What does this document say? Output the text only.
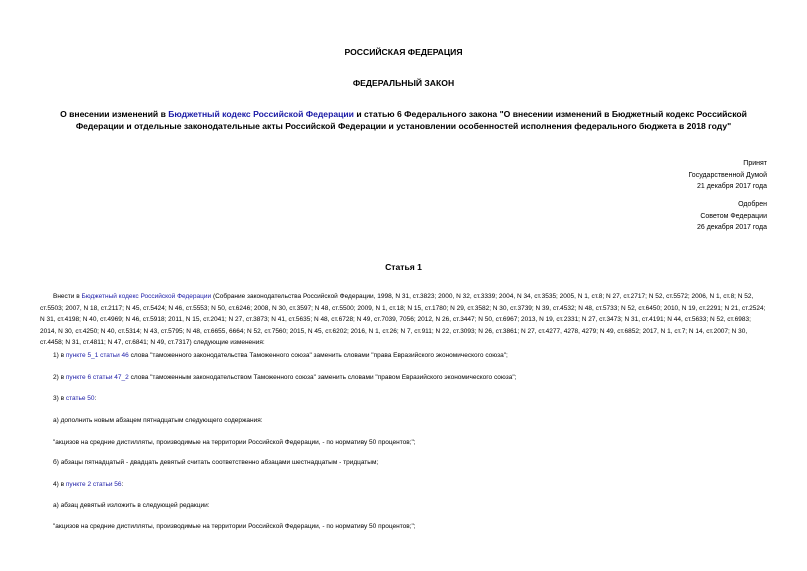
РОССИЙСКАЯ ФЕДЕРАЦИЯ
ФЕДЕРАЛЬНЫЙ ЗАКОН
О внесении изменений в Бюджетный кодекс Российской Федерации и статью 6 Федерального закона "О внесении изменений в Бюджетный кодекс Российской Федерации и отдельные законодательные акты Российской Федерации и установлении особенностей исполнения федерального бюджета в 2018 году"
Принят
Государственной Думой
21 декабря 2017 года
Одобрен
Советом Федерации
26 декабря 2017 года
Статья 1
Внести в Бюджетный кодекс Российской Федерации (Собрание законодательства Российской Федерации, 1998, N 31, ст.3823; 2000, N 32, ст.3339; 2004, N 34, ст.3535; 2005, N 1, ст.8; N 27, ст.2717; N 52, ст.5572; 2006, N 1, ст.8; N 52, ст.5503; 2007, N 18, ст.2117; N 45, ст.5424; N 46, ст.5553; N 50, ст.6246; 2008, N 30, ст.3597; N 48, ст.5500; 2009, N 1, ст.18; N 15, ст.1780; N 29, ст.3582; N 30, ст.3739; N 39, ст.4532; N 48, ст.5733; N 52, ст.6450; 2010, N 19, ст.2291; N 21, ст.2524; N 31, ст.4198; N 40, ст.4969; N 46, ст.5918; 2011, N 15, ст.2041; N 27, ст.3873; N 41, ст.5635; N 48, ст.6728; N 49, ст.7039, 7056; 2012, N 26, ст.3447; N 50, ст.6967; 2013, N 19, ст.2331; N 27, ст.3473; N 31, ст.4191; N 44, ст.5633; N 52, ст.6983; 2014, N 30, ст.4250; N 40, ст.5314; N 43, ст.5795; N 48, ст.6655, 6664; N 52, ст.7560; 2015, N 45, ст.6202; 2016, N 1, ст.26; N 7, ст.911; N 22, ст.3093; N 26, ст.3861; N 27, ст.4277, 4278, 4279; N 49, ст.6852; 2017, N 1, ст.7; N 14, ст.2007; N 30, ст.4458; N 31, ст.4811; N 47, ст.6841; N 49, ст.7317) следующие изменения:
1) в пункте 5_1 статьи 46 слова "таможенного законодательства Таможенного союза" заменить словами "права Евразийского экономического союза";
2) в пункте 6 статьи 47_2 слова "таможенным законодательством Таможенного союза" заменить словами "правом Евразийского экономического союза";
3) в статье 50:
а) дополнить новым абзацем пятнадцатым следующего содержания:
"акцизов на средние дистилляты, производимые на территории Российской Федерации, - по нормативу 50 процентов;";
б) абзацы пятнадцатый - двадцать девятый считать соответственно абзацами шестнадцатым - тридцатым;
4) в пункте 2 статьи 56:
а) абзац девятый изложить в следующей редакции:
"акцизов на средние дистилляты, производимые на территории Российской Федерации, - по нормативу 50 процентов;";
